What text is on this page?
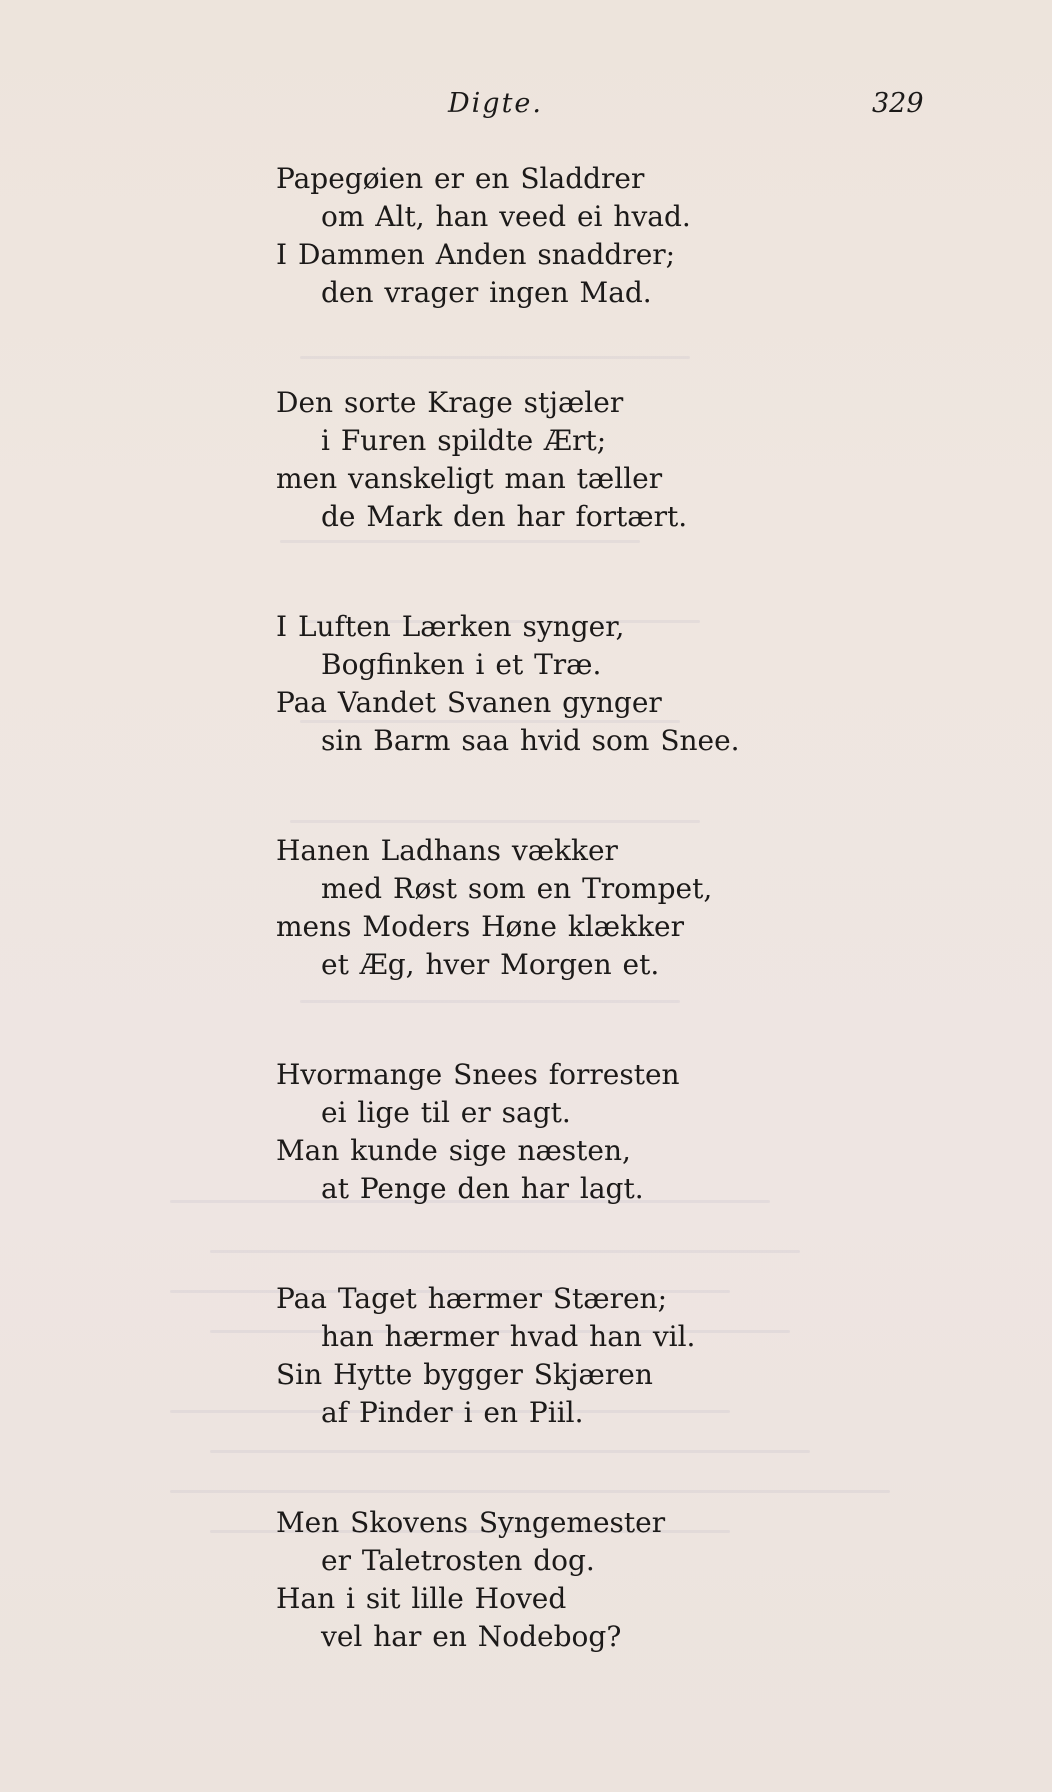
Digte.	329
Papegøien er en Sladdrer
om Alt, han veed ei hvad.
I Dammen Anden snaddrer;
den vrager ingen Mad.
Den sorte Krage stjæler
i Furen spildte Ært;
men vanskeligt man tæller
de Mark den har fortært.
I Luften Lærken synger,
Bogfinken i et Træ.
Paa Vandet Svanen gynger
sin Barm saa hvid som Snee.
Hanen Ladhans vækker
med Røst som en Trompet,
mens Moders Høne klækker
et Æg, hver Morgen et.
Hvormange Snees forresten
ei lige til er sagt.
Man kunde sige næsten,
at Penge den har lagt.
Paa Taget hærmer Stæren;
han hærmer hvad han vil.
Sin Hytte bygger Skjæren
af Pinder i en Piil.
Men Skovens Syngemester
er Taletrosten dog.
Han i sit lille Hoved
vel har en Nodebog?
